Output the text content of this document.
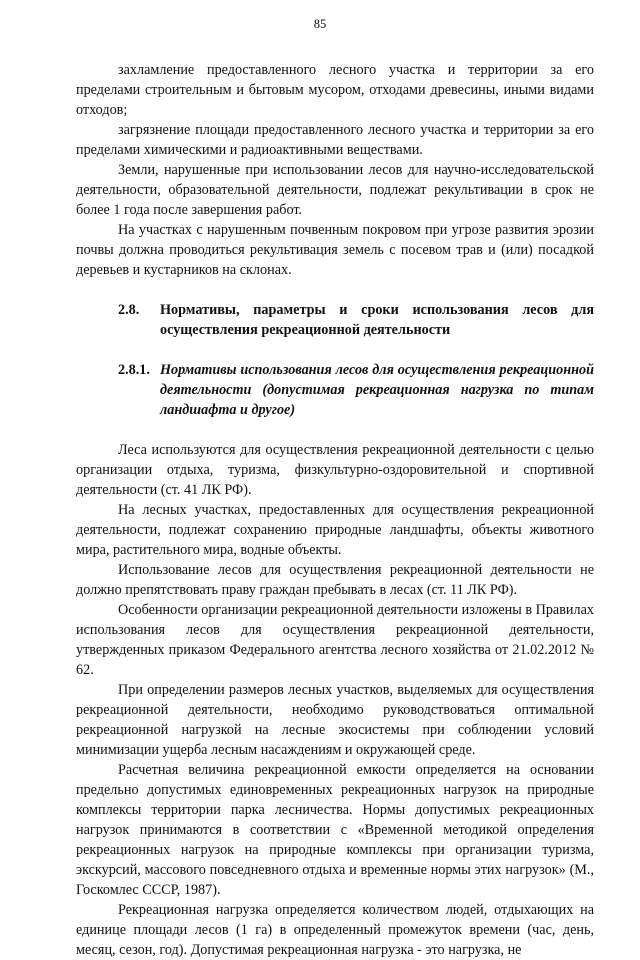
85

захламление предоставленного лесного участка и территории за его пределами строительным и бытовым мусором, отходами древесины, иными видами отходов;

загрязнение площади предоставленного лесного участка и территории за его пределами химическими и радиоактивными веществами.

Земли, нарушенные при использовании лесов для научно-исследовательской деятельности, образовательной деятельности, подлежат рекультивации в срок не более 1 года после завершения работ.

На участках с нарушенным почвенным покровом при угрозе развития эрозии почвы должна проводиться рекультивация земель с посевом трав и (или) посадкой деревьев и кустарников на склонах.

2.8.	Нормативы, параметры и сроки использования лесов для осуществления рекреационной деятельности
2.8.1. Нормативы использования лесов для осуществления рекреационной деятельности (допустимая рекреационная нагрузка по типам ландшафта и другое)

Леса используются для осуществления рекреационной деятельности с целью организации отдыха, туризма, физкультурно-оздоровительной и спортивной деятельности (ст. 41 ЛК РФ).

На лесных участках, предоставленных для осуществления рекреационной деятельности, подлежат сохранению природные ландшафты, объекты животного мира, растительного мира, водные объекты.

Использование лесов для осуществления рекреационной деятельности не должно препятствовать праву граждан пребывать в лесах (ст. 11 ЛК РФ).

Особенности организации рекреационной деятельности изложены в Правилах использования лесов для осуществления рекреационной деятельности, утвержденных приказом Федерального агентства лесного хозяйства от 21.02.2012 № 62.

При определении размеров лесных участков, выделяемых для осуществления рекреационной деятельности, необходимо руководствоваться оптимальной рекреационной нагрузкой на лесные экосистемы при соблюдении условий минимизации ущерба лесным насаждениям и окружающей среде.

Расчетная величина рекреационной емкости определяется на основании предельно допустимых единовременных рекреационных нагрузок на природные комплексы территории парка лесничества. Нормы допустимых рекреационных нагрузок принимаются в соответствии с «Временной методикой определения рекреационных нагрузок на природные комплексы при организации туризма, экскурсий, массового повседневного отдыха и временные нормы этих нагрузок» (М., Госкомлес СССР, 1987).

Рекреационная нагрузка определяется количеством людей, отдыхающих на единице площади лесов (1 га) в определенный промежуток времени (час, день, месяц, сезон, год). Допустимая рекреационная нагрузка - это нагрузка, не
